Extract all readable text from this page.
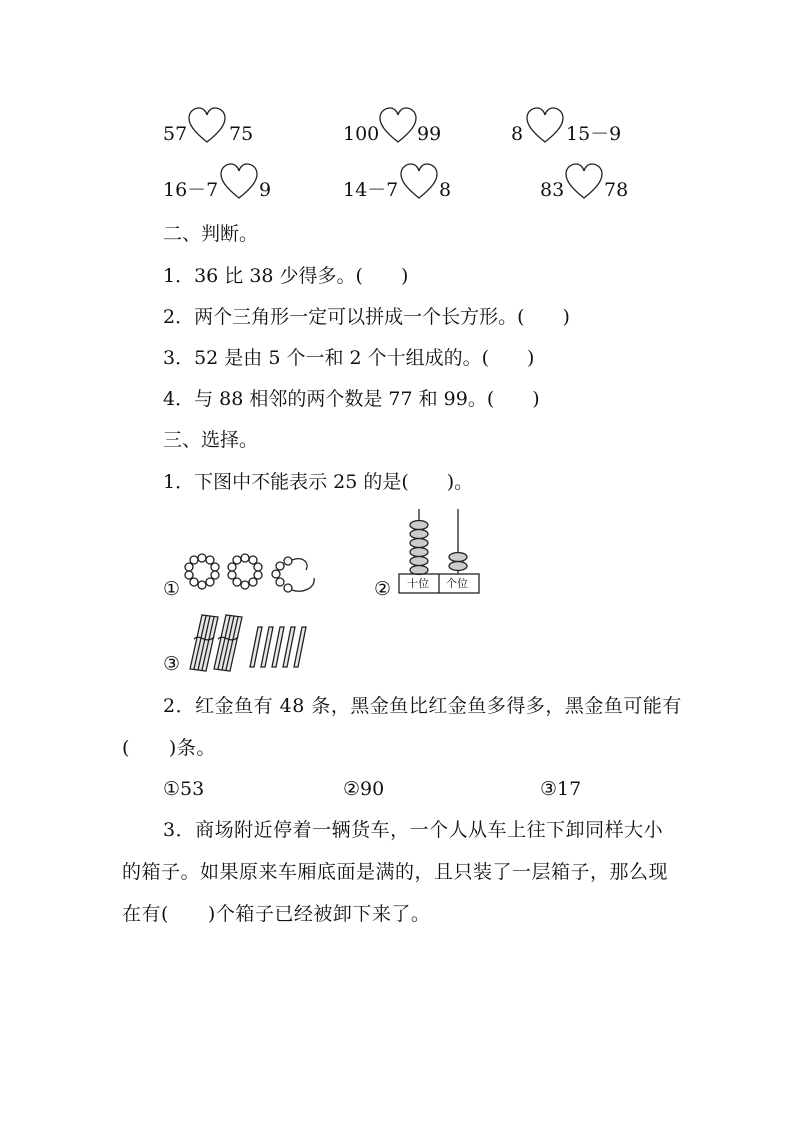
57 75	100 99	8 15－9
16－7 9	14－7 8	83 78
二、判断。
1．36 比 38 少得多。(　　)
2．两个三角形一定可以拼成一个长方形。(　　)
3．52 是由 5 个一和 2 个十组成的。(　　)
4．与 88 相邻的两个数是 77 和 99。(　　)
三、选择。
1．下图中不能表示 25 的是(　　)。
①	② 十位 个位
③
2．红金鱼有 48 条，黑金鱼比红金鱼多得多，黑金鱼可能有(　　)条。
①53	②90	③17
3．商场附近停着一辆货车，一个人从车上往下卸同样大小的箱子。如果原来车厢底面是满的，且只装了一层箱子，那么现在有(　　)个箱子已经被卸下来了。
